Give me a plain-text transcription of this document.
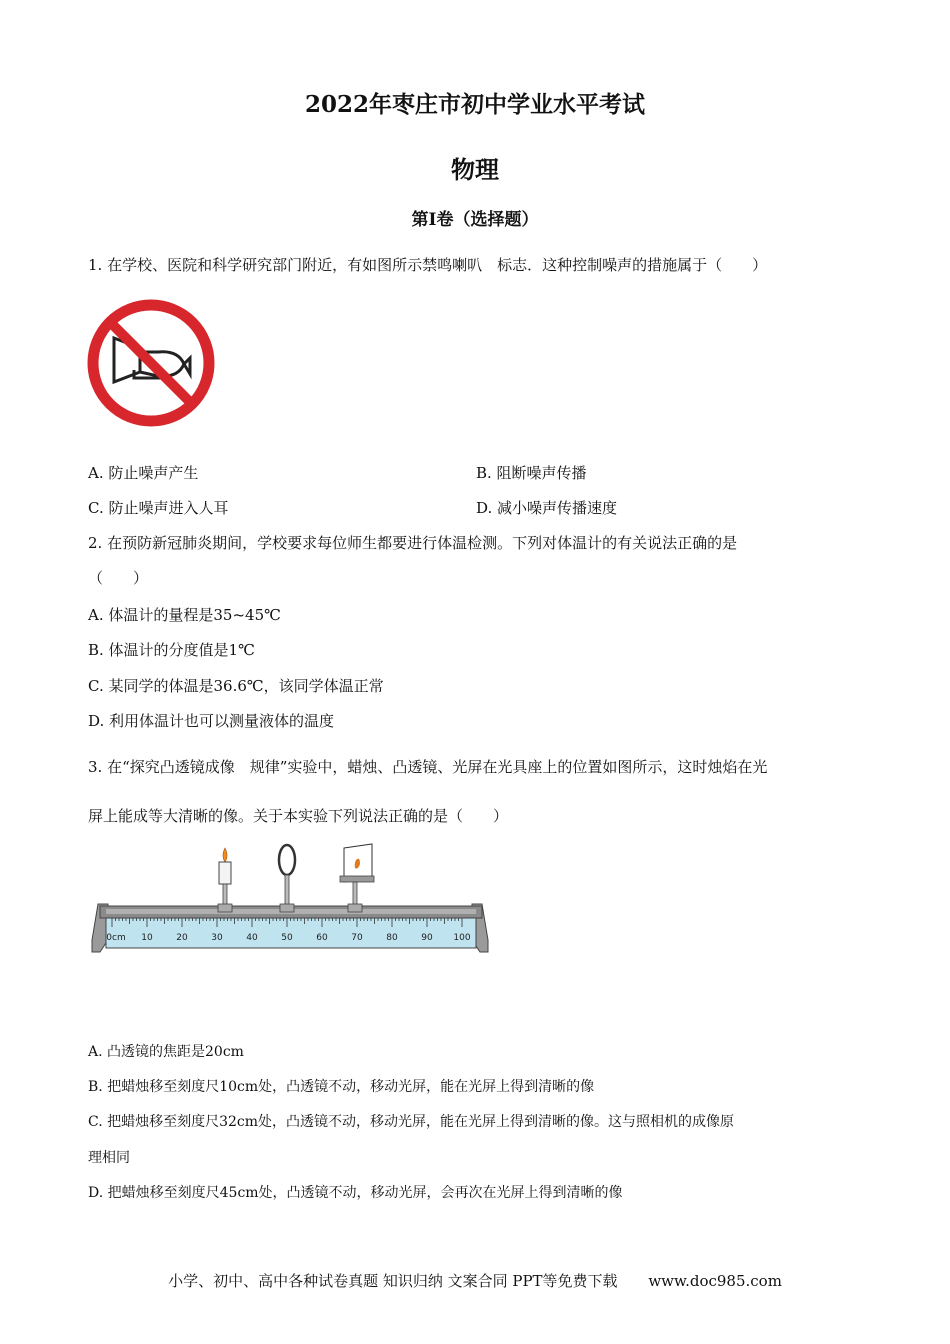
2022年枣庄市初中学业水平考试
物理
第I卷（选择题）
1. 在学校、医院和科学研究部门附近，有如图所示禁鸣喇叭　标志．这种控制噪声的措施属于（　　）
A. 防止噪声产生	B. 阻断噪声传播
C. 防止噪声进入人耳	D. 减小噪声传播速度
2. 在预防新冠肺炎期间，学校要求每位师生都要进行体温检测。下列对体温计的有关说法正确的是
（　　）
A. 体温计的量程是35~45℃
B. 体温计的分度值是1℃
C. 某同学的体温是36.6℃，该同学体温正常
D. 利用体温计也可以测量液体的温度
3. 在“探究凸透镜成像　规律”实验中，蜡烛、凸透镜、光屏在光具座上的位置如图所示，这时烛焰在光
屏上能成等大清晰的像。关于本实验下列说法正确的是（　　）
0cm 10	20	30	40	50	60	70	80	90 100
A. 凸透镜的焦距是20cm
B. 把蜡烛移至刻度尺10cm处，凸透镜不动，移动光屏，能在光屏上得到清晰的像
C. 把蜡烛移至刻度尺32cm处，凸透镜不动，移动光屏，能在光屏上得到清晰的像。这与照相机的成像原
理相同
D. 把蜡烛移至刻度尺45cm处，凸透镜不动，移动光屏，会再次在光屏上得到清晰的像
小学、初中、高中各种试卷真题 知识归纳 文案合同 PPT等免费下载 www.doc985.com
